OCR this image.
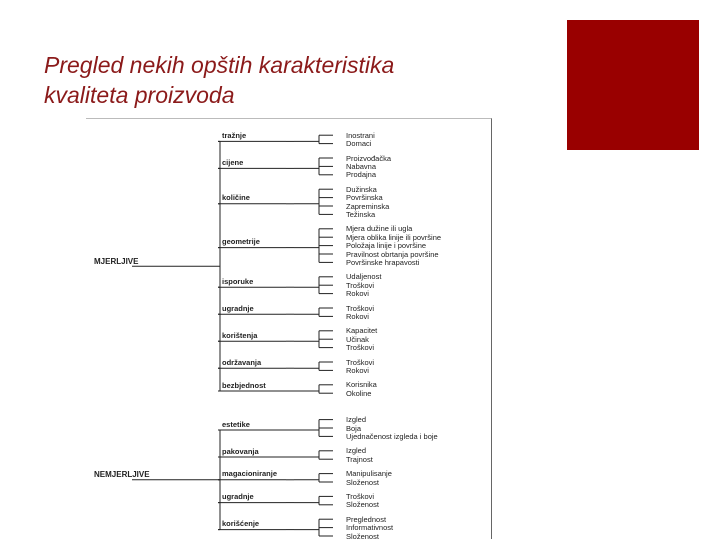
Pregled nekih opštih karakteristika
kvaliteta proizvoda
tražnje	Inostrani
Domaci
cijene	Proizvođačka
Nabavna
Prodajna
količine
Dužinska
Površinska
Zapreminska
Težinska
geometrije
Mjera dužine ili ugla
Mjera oblika linije ili površine
Položaja linije i površine
Pravilnost obrtanja površine
Površinske hrapavosti
isporuke	Udaljenost
Troškovi
Rokovi
ugradnje	Troškovi
Rokovi
korištenja	Kapacitet
Učinak
Troškovi
održavanja	Troškovi
Rokovi
bezbjednost	Korisnika
Okoline
MJERLJIVE
estetike	Izgled
Boja
Ujednačenost izgleda i boje
pakovanja	Izgled
Trajnost
magacioniranje	Manipulisanje
Složenost
ugradnje	Troškovi
Složenost
korišćenje	Preglednost
Informativnost
Složenost
NEMJERLJIVE
